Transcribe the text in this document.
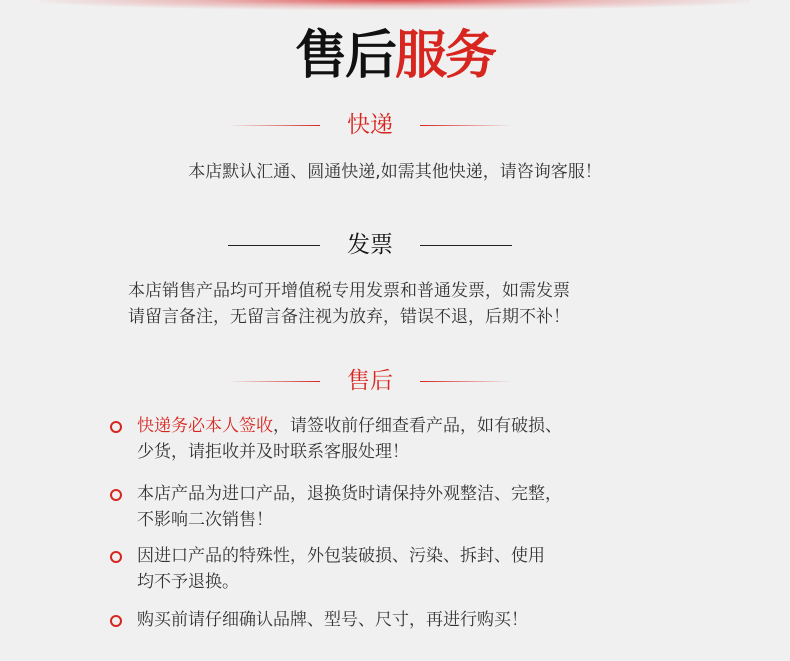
售后服务
快递
本店默认汇通、圆通快递,如需其他快递，请咨询客服！
发票
本店销售产品均可开增值税专用发票和普通发票，如需发票
请留言备注，无留言备注视为放弃，错误不退，后期不补！
售后
快递务必本人签收，请签收前仔细查看产品，如有破损、
少货，请拒收并及时联系客服处理！
本店产品为进口产品，退换货时请保持外观整洁、完整，
不影响二次销售！
因进口产品的特殊性，外包装破损、污染、拆封、使用
均不予退换。
购买前请仔细确认品牌、型号、尺寸，再进行购买！
